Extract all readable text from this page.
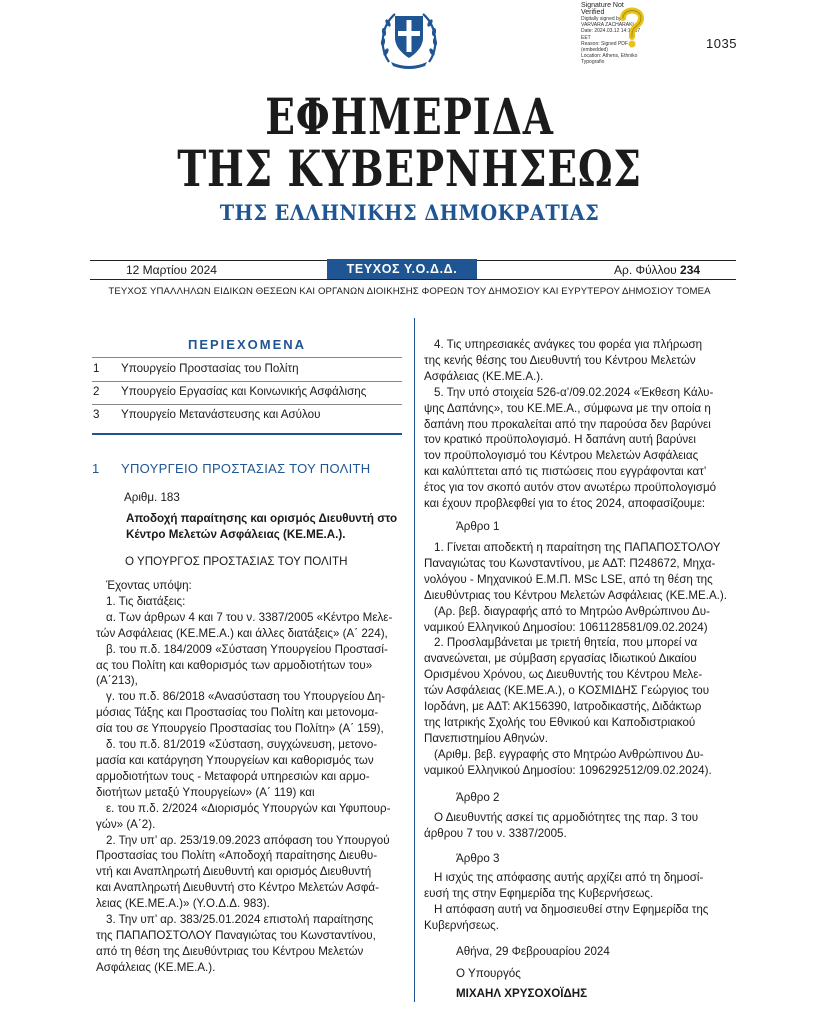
Signature Not
Verified
Digitally signed by
VARVARA ZACHARAKI
Date: 2024.03.12 14:19:07
EET
Reason: Signed PDF
(embedded)
Location: Athens, Ethniko
Typografio
1035
ΕΦΗΜΕΡΙΔΑ
ΤΗΣ ΚΥΒΕΡΝΗΣΕΩΣ
ΤΗΣ ΕΛΛΗΝΙΚΗΣ ΔΗΜΟΚΡΑΤΙΑΣ
12 Μαρτίου 2024	ΤΕΥΧΟΣ Υ.Ο.Δ.Δ.	Αρ. Φύλλου 234
ΤΕΥΧΟΣ ΥΠΑΛΛΗΛΩΝ ΕΙΔΙΚΩΝ ΘΕΣΕΩΝ ΚΑΙ ΟΡΓΑΝΩΝ ΔΙΟΙΚΗΣΗΣ ΦΟΡΕΩΝ ΤΟΥ ΔΗΜΟΣΙΟΥ ΚΑΙ ΕΥΡΥΤΕΡΟΥ ΔΗΜΟΣΙΟΥ ΤΟΜΕΑ
ΠΕΡΙΕΧΟΜΕΝΑ
1 Υπουργείο Προστασίας του Πολίτη
2 Υπουργείο Εργασίας και Κοινωνικής Ασφάλισης
3 Υπουργείο Μετανάστευσης και Ασύλου
1 ΥΠΟΥΡΓΕΙΟ ΠΡΟΣΤΑΣΙΑΣ ΤΟΥ ΠΟΛΙΤΗ
Αριθμ. 183
Αποδοχή παραίτησης και ορισμός Διευθυντή στο
Κέντρο Μελετών Ασφάλειας (ΚΕ.ΜΕ.Α.).
Ο ΥΠΟΥΡΓΟΣ ΠΡΟΣΤΑΣΙΑΣ ΤΟΥ ΠΟΛΙΤΗ
Έχοντας υπόψη:
1. Τις διατάξεις:
α. Των άρθρων 4 και 7 του ν. 3387/2005 «Κέντρο Μελε-
τών Ασφάλειας (ΚΕ.ΜΕ.Α.) και άλλες διατάξεις» (Α΄ 224),
β. του π.δ. 184/2009 «Σύσταση Υπουργείου Προστασί-
ας του Πολίτη και καθορισμός των αρμοδιοτήτων του»
(Α΄213),
γ. του π.δ. 86/2018 «Ανασύσταση του Υπουργείου Δη-
μόσιας Τάξης και Προστασίας του Πολίτη και μετονομα-
σία του σε Υπουργείο Προστασίας του Πολίτη» (Α΄ 159),
δ. του π.δ. 81/2019 «Σύσταση, συγχώνευση, μετονο-
μασία και κατάργηση Υπουργείων και καθορισμός των
αρμοδιοτήτων τους - Μεταφορά υπηρεσιών και αρμο-
διοτήτων μεταξύ Υπουργείων» (Α΄ 119) και
ε. του π.δ. 2/2024 «Διορισμός Υπουργών και Υφυπουρ-
γών» (Α΄2).
2. Την υπ’ αρ. 253/19.09.2023 απόφαση του Υπουργού
Προστασίας του Πολίτη «Αποδοχή παραίτησης Διευθυ-
ντή και Αναπληρωτή Διευθυντή και ορισμός Διευθυντή
και Αναπληρωτή Διευθυντή στο Κέντρο Μελετών Ασφά-
λειας (ΚΕ.ΜΕ.Α.)» (Υ.Ο.Δ.Δ. 983).
3. Την υπ’ αρ. 383/25.01.2024 επιστολή παραίτησης
της ΠΑΠΑΠΟΣΤΟΛΟΥ Παναγιώτας του Κωνσταντίνου,
από τη θέση της Διευθύντριας του Κέντρου Μελετών
Ασφάλειας (ΚΕ.ΜΕ.Α.).
4. Τις υπηρεσιακές ανάγκες του φορέα για πλήρωση
της κενής θέσης του Διευθυντή του Κέντρου Μελετών
Ασφάλειας (ΚΕ.ΜΕ.Α.).
5. Την υπό στοιχεία 526-α’/09.02.2024 «Έκθεση Κάλυ-
ψης Δαπάνης», του ΚΕ.ΜΕ.Α., σύμφωνα με την οποία η
δαπάνη που προκαλείται από την παρούσα δεν βαρύνει
τον κρατικό προϋπολογισμό. Η δαπάνη αυτή βαρύνει
τον προϋπολογισμό του Κέντρου Μελετών Ασφάλειας
και καλύπτεται από τις πιστώσεις που εγγράφονται κατ’
έτος για τον σκοπό αυτόν στον ανωτέρω προϋπολογισμό
και έχουν προβλεφθεί για το έτος 2024, αποφασίζουμε:
Άρθρο 1
1. Γίνεται αποδεκτή η παραίτηση της ΠΑΠΑΠΟΣΤΟΛΟΥ
Παναγιώτας του Κωνσταντίνου, με ΑΔΤ: Π248672, Μηχα-
νολόγου - Μηχανικού Ε.Μ.Π. MSc LSE, από τη θέση της
Διευθύντριας του Κέντρου Μελετών Ασφάλειας (ΚΕ.ΜΕ.Α.).
(Αρ. βεβ. διαγραφής από το Μητρώο Ανθρώπινου Δυ-
ναμικού Ελληνικού Δημοσίου: 1061128581/09.02.2024)
2. Προσλαμβάνεται με τριετή θητεία, που μπορεί να
ανανεώνεται, με σύμβαση εργασίας Ιδιωτικού Δικαίου
Ορισμένου Χρόνου, ως Διευθυντής του Κέντρου Μελε-
τών Ασφάλειας (ΚΕ.ΜΕ.Α.), ο ΚΟΣΜΙΔΗΣ Γεώργιος του
Ιορδάνη, με ΑΔΤ: ΑΚ156390, Ιατροδικαστής, Διδάκτωρ
της Ιατρικής Σχολής του Εθνικού και Καποδιστριακού
Πανεπιστημίου Αθηνών.
(Αριθμ. βεβ. εγγραφής στο Μητρώο Ανθρώπινου Δυ-
ναμικού Ελληνικού Δημοσίου: 1096292512/09.02.2024).
Άρθρο 2
Ο Διευθυντής ασκεί τις αρμοδιότητες της παρ. 3 του
άρθρου 7 του ν. 3387/2005.
Άρθρο 3
Η ισχύς της απόφασης αυτής αρχίζει από τη δημοσί-
ευσή της στην Εφημερίδα της Κυβερνήσεως.
Η απόφαση αυτή να δημοσιευθεί στην Εφημερίδα της
Κυβερνήσεως.
Αθήνα, 29 Φεβρουαρίου 2024
Ο Υπουργός
ΜΙΧΑΗΛ ΧΡΥΣΟΧΟΪΔΗΣ
